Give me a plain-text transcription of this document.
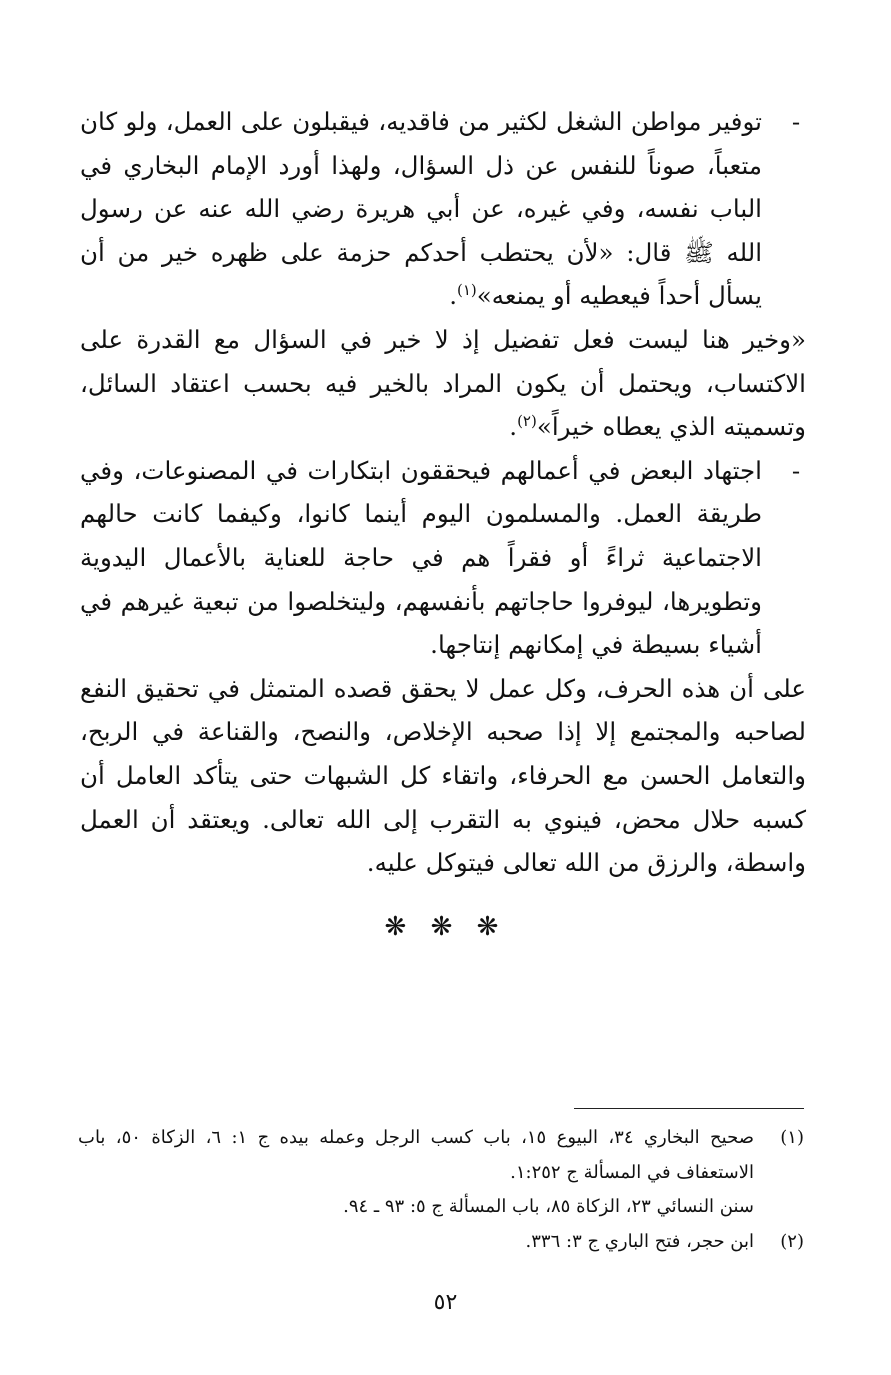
-
توفير مواطن الشغل لكثير من فاقديه، فيقبلون على العمل، ولو كان متعباً، صوناً للنفس عن ذل السؤال، ولهذا أورد الإمام البخاري في الباب نفسه، وفي غيره، عن أبي هريرة رضي الله عنه عن رسول الله ﷺ قال: «لأن يحتطب أحدكم حزمة على ظهره خير من أن يسأل أحداً فيعطيه أو يمنعه»$^{(١)}$.

«وخير هنا ليست فعل تفضيل إذ لا خير في السؤال مع القدرة على الاكتساب، ويحتمل أن يكون المراد بالخير فيه بحسب اعتقاد السائل، وتسميته الذي يعطاه خيراً»$^{(٢)}$.

-
اجتهاد البعض في أعمالهم فيحققون ابتكارات في المصنوعات، وفي طريقة العمل. والمسلمون اليوم أينما كانوا، وكيفما كانت حالهم الاجتماعية ثراءً أو فقراً هم في حاجة للعناية بالأعمال اليدوية وتطويرها، ليوفروا حاجاتهم بأنفسهم، وليتخلصوا من تبعية غيرهم في أشياء بسيطة في إمكانهم إنتاجها.

على أن هذه الحرف، وكل عمل لا يحقق قصده المتمثل في تحقيق النفع لصاحبه والمجتمع إلا إذا صحبه الإخلاص، والنصح، والقناعة في الربح، والتعامل الحسن مع الحرفاء، واتقاء كل الشبهات حتى يتأكد العامل أن كسبه حلال محض، فينوي به التقرب إلى الله تعالى. ويعتقد أن العمل واسطة، والرزق من الله تعالى فيتوكل عليه.

❋ ❋ ❋
(١)
صحيح البخاري ٣٤، البيوع ١٥، باب كسب الرجل وعمله بيده ج ١: ٦، الزكاة ٥٠، باب الاستعفاف في المسألة ج ١:٢٥٢.
سنن النسائي ٢٣، الزكاة ٨٥، باب المسألة ج ٥: ٩٣ ـ ٩٤.
(٢)
ابن حجر، فتح الباري ج ٣: ٣٣٦.
٥٢
